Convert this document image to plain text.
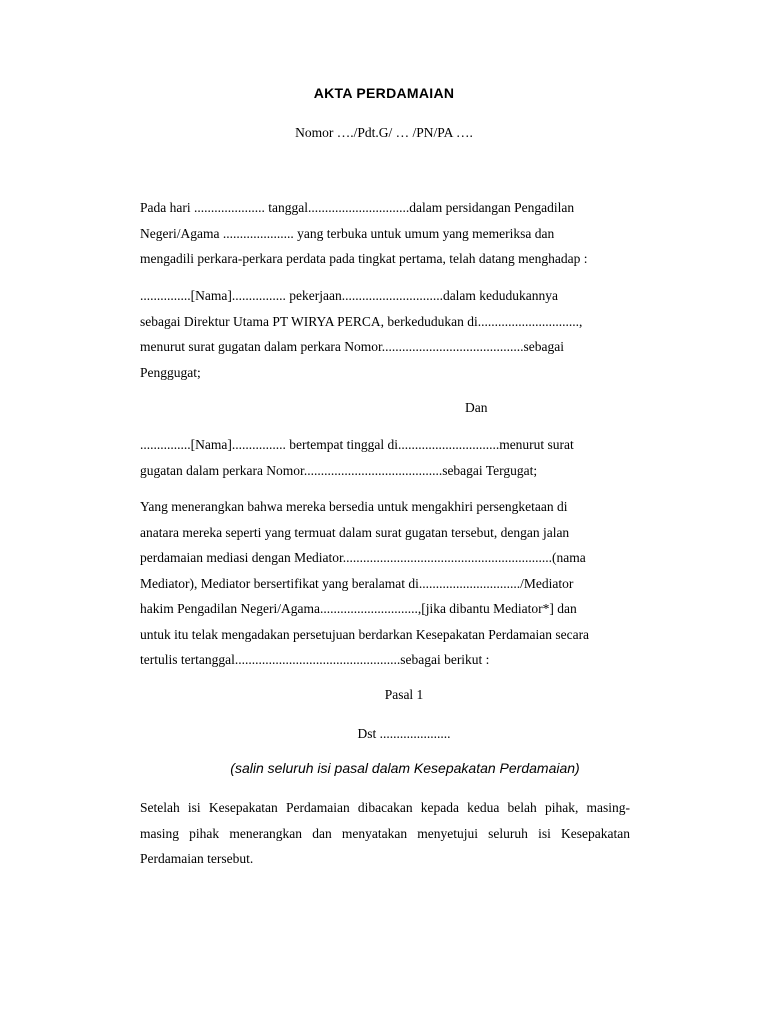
AKTA PERDAMAIAN
Nomor …./Pdt.G/ … /PN/PA ….
Pada hari ..................... tanggal..............................dalam persidangan Pengadilan
Negeri/Agama ..................... yang terbuka untuk umum yang memeriksa dan
mengadili perkara-perkara perdata pada tingkat pertama, telah datang menghadap :
...............[Nama]................ pekerjaan..............................dalam kedudukannya
sebagai Direktur Utama PT WIRYA PERCA, berkedudukan di..............................,
menurut surat gugatan dalam perkara Nomor..........................................sebagai
Penggugat;
Dan
...............[Nama]................ bertempat tinggal di..............................menurut surat
gugatan dalam perkara Nomor.........................................sebagai Tergugat;
Yang menerangkan bahwa mereka bersedia untuk mengakhiri persengketaan di
anatara mereka seperti yang termuat dalam surat gugatan tersebut, dengan jalan
perdamaian mediasi dengan Mediator..............................................................(nama
Mediator), Mediator bersertifikat yang beralamat di............................../Mediator
hakim Pengadilan Negeri/Agama.............................,[jika dibantu Mediator*] dan
untuk itu telak mengadakan persetujuan berdarkan Kesepakatan Perdamaian secara
tertulis tertanggal.................................................sebagai berikut :
Pasal 1
Dst .....................
(salin seluruh isi pasal dalam Kesepakatan Perdamaian)
Setelah isi Kesepakatan Perdamaian dibacakan kepada kedua belah pihak, masing-
masing pihak menerangkan dan menyatakan menyetujui seluruh isi Kesepakatan
Perdamaian tersebut.
